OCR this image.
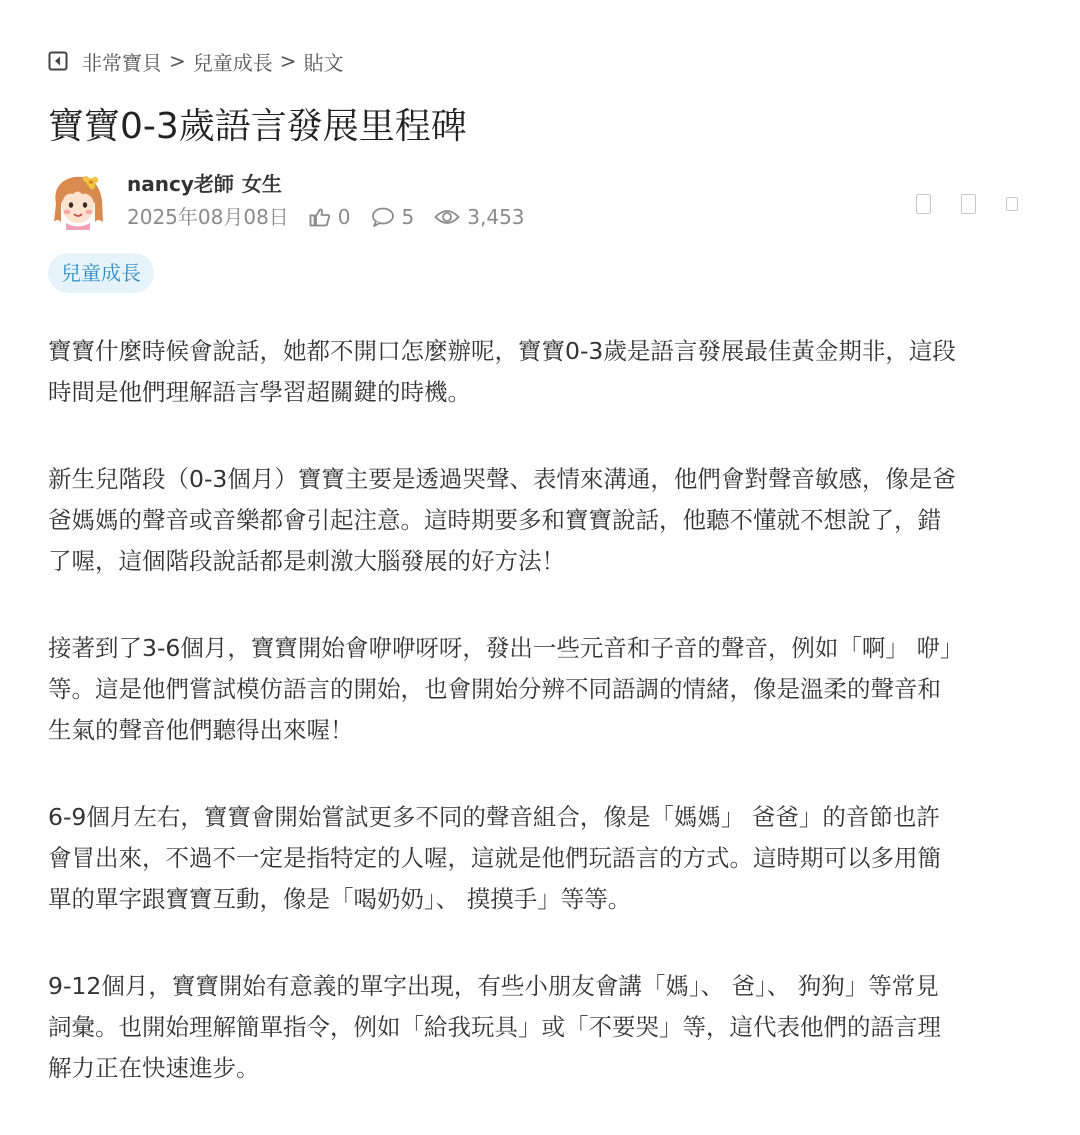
非常寶貝 > 兒童成長 > 貼文
寶寶0-3歲語言發展里程碑
nancy老師 女生
2025年08月08日 0	5	3,453
兒童成長

寶寶什麼時候會說話，她都不開口怎麼辦呢，寶寶0-3歲是語言發展最佳黃金期非，這段
時間是他們理解語言學習超關鍵的時機。

新生兒階段（0-3個月）寶寶主要是透過哭聲、表情來溝通，他們會對聲音敏感，像是爸
爸媽媽的聲音或音樂都會引起注意。這時期要多和寶寶說話，他聽不懂就不想說了，錯
了喔，這個階段說話都是刺激大腦發展的好方法！

接著到了3-6個月，寶寶開始會咿咿呀呀，發出一些元音和子音的聲音，例如「啊」 咿」
等。這是他們嘗試模仿語言的開始，也會開始分辨不同語調的情緒，像是溫柔的聲音和
生氣的聲音他們聽得出來喔！

6-9個月左右，寶寶會開始嘗試更多不同的聲音組合，像是「媽媽」 爸爸」的音節也許
會冒出來，不過不一定是指特定的人喔，這就是他們玩語言的方式。這時期可以多用簡
單的單字跟寶寶互動，像是「喝奶奶」、 摸摸手」等等。

9-12個月，寶寶開始有意義的單字出現，有些小朋友會講「媽」、 爸」、 狗狗」等常見
詞彙。也開始理解簡單指令，例如「給我玩具」或「不要哭」等，這代表他們的語言理
解力正在快速進步。
